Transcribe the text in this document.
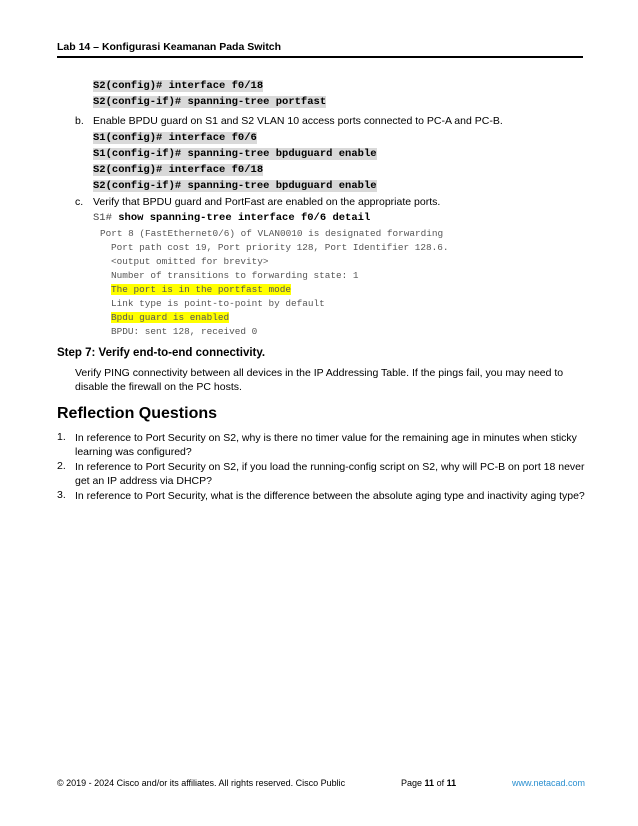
Lab 14 – Konfigurasi Keamanan Pada Switch
S2(config)# interface f0/18
S2(config-if)# spanning-tree portfast
b. Enable BPDU guard on S1 and S2 VLAN 10 access ports connected to PC-A and PC-B.
S1(config)# interface f0/6
S1(config-if)# spanning-tree bpduguard enable
S2(config)# interface f0/18
S2(config-if)# spanning-tree bpduguard enable
c. Verify that BPDU guard and PortFast are enabled on the appropriate ports.
S1# show spanning-tree interface f0/6 detail
Port 8 (FastEthernet0/6) of VLAN0010 is designated forwarding
Port path cost 19, Port priority 128, Port Identifier 128.6.
<output omitted for brevity>
Number of transitions to forwarding state: 1
The port is in the portfast mode
Link type is point-to-point by default
Bpdu guard is enabled
BPDU: sent 128, received 0
Step 7: Verify end-to-end connectivity.
Verify PING connectivity between all devices in the IP Addressing Table. If the pings fail, you may need to disable the firewall on the PC hosts.
Reflection Questions
1. In reference to Port Security on S2, why is there no timer value for the remaining age in minutes when sticky learning was configured?
2. In reference to Port Security on S2, if you load the running-config script on S2, why will PC-B on port 18 never get an IP address via DHCP?
3. In reference to Port Security, what is the difference between the absolute aging type and inactivity aging type?
© 2019 - 2024 Cisco and/or its affiliates. All rights reserved. Cisco Public	Page 11 of 11	www.netacad.com
